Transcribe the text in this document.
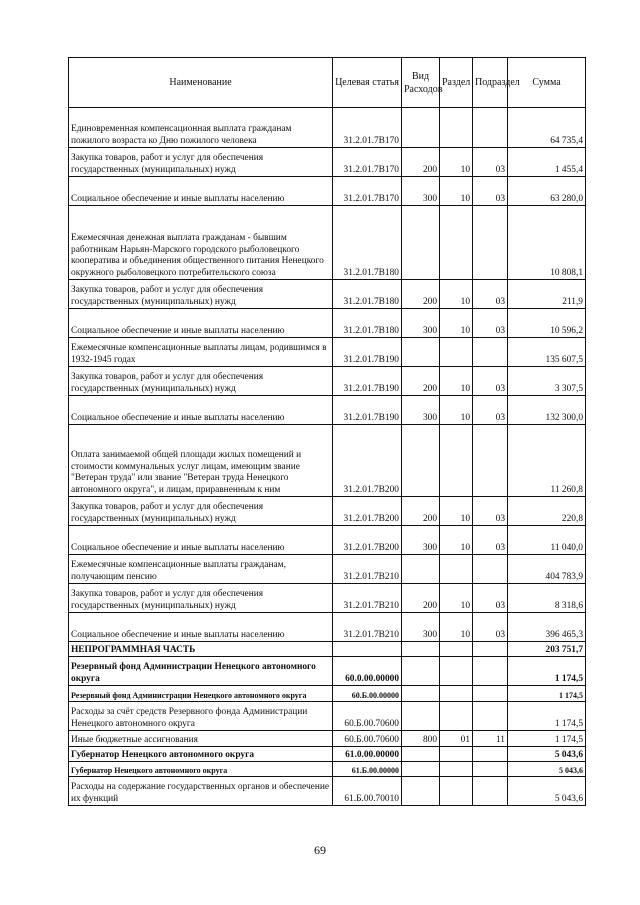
Наименование	Целевая статья	Вид Расходов	Раздел	Подраздел	Сумма
Единовременная компенсационная выплата гражданам пожилого возраста ко Дню пожилого человека	31.2.01.7В170				64 735,4
Закупка товаров, работ и услуг для обеспечения государственных (муниципальных) нужд	31.2.01.7В170	200	10	03	1 455,4
Социальное обеспечение и иные выплаты населению	31.2.01.7В170	300	10	03	63 280,0
Ежемесячная денежная выплата гражданам - бывшим работникам Нарьян-Марского городского рыболовецкого кооператива и объединения общественного питания Ненецкого окружного рыболовецкого потребительского союза	31.2.01.7В180				10 808,1
Закупка товаров, работ и услуг для обеспечения государственных (муниципальных) нужд	31.2.01.7В180	200	10	03	211,9
Социальное обеспечение и иные выплаты населению	31.2.01.7В180	300	10	03	10 596,2
Ежемесячные компенсационные выплаты лицам, родившимся в 1932-1945 годах	31.2.01.7В190				135 607,5
Закупка товаров, работ и услуг для обеспечения государственных (муниципальных) нужд	31.2.01.7В190	200	10	03	3 307,5
Социальное обеспечение и иные выплаты населению	31.2.01.7В190	300	10	03	132 300,0
Оплата занимаемой общей площади жилых помещений и стоимости коммунальных услуг лицам, имеющим звание "Ветеран труда" или звание "Ветеран труда Ненецкого автономного округа", и лицам, приравненным к ним	31.2.01.7В200				11 260,8
Закупка товаров, работ и услуг для обеспечения государственных (муниципальных) нужд	31.2.01.7В200	200	10	03	220,8
Социальное обеспечение и иные выплаты населению	31.2.01.7В200	300	10	03	11 040,0
Ежемесячные компенсационные выплаты гражданам, получающим пенсию	31.2.01.7В210				404 783,9
Закупка товаров, работ и услуг для обеспечения государственных (муниципальных) нужд	31.2.01.7В210	200	10	03	8 318,6
Социальное обеспечение и иные выплаты населению	31.2.01.7В210	300	10	03	396 465,3
НЕПРОГРАММНАЯ ЧАСТЬ					203 751,7
Резервный фонд Администрации Ненецкого автономного округа	60.0.00.00000				1 174,5
Резервный фонд Администрации Ненецкого автономного округа	60.Б.00.00000				1 174,5
Расходы за счёт средств Резервного фонда Администрации Ненецкого автономного округа	60.Б.00.70600				1 174,5
Иные бюджетные ассигнования	60.Б.00.70600	800	01	11	1 174,5
Губернатор Ненецкого автономного округа	61.0.00.00000				5 043,6
Губернатор Ненецкого автономного округа	61.Б.00.00000				5 043,6
Расходы на содержание государственных органов и обеспечение их функций	61.Б.00.70010				5 043,6
69
